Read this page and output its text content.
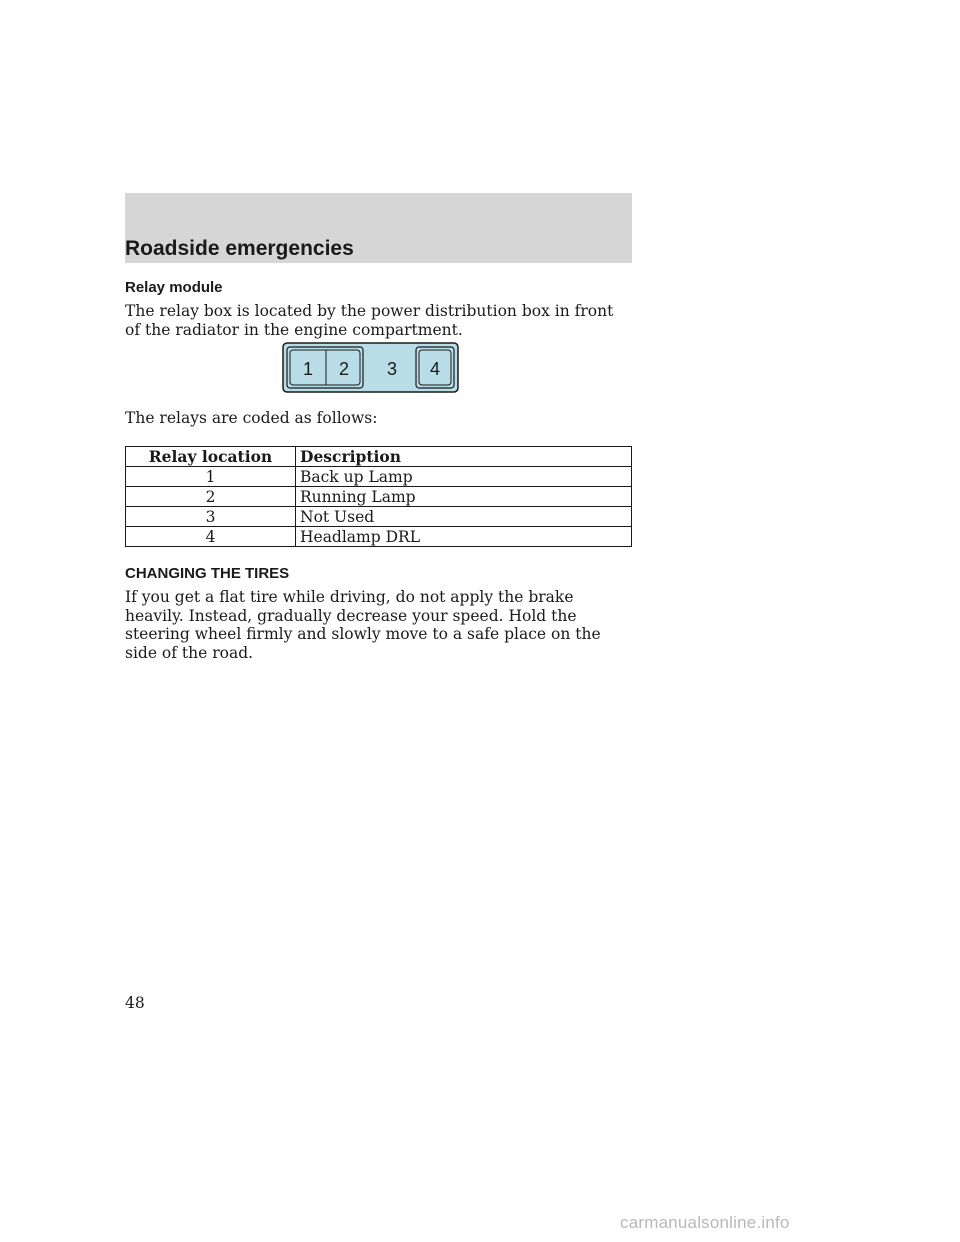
Roadside emergencies
Relay module

The relay box is located by the power distribution box in front of the radiator in the engine compartment.

1 2 3 4

The relays are coded as follows:

Relay location	Description
1	Back up Lamp
2	Running Lamp
3	Not Used
4	Headlamp DRL
CHANGING THE TIRES

If you get a flat tire while driving, do not apply the brake heavily. Instead, gradually decrease your speed. Hold the steering wheel firmly and slowly move to a safe place on the side of the road.

48
carmanualsonline.info
